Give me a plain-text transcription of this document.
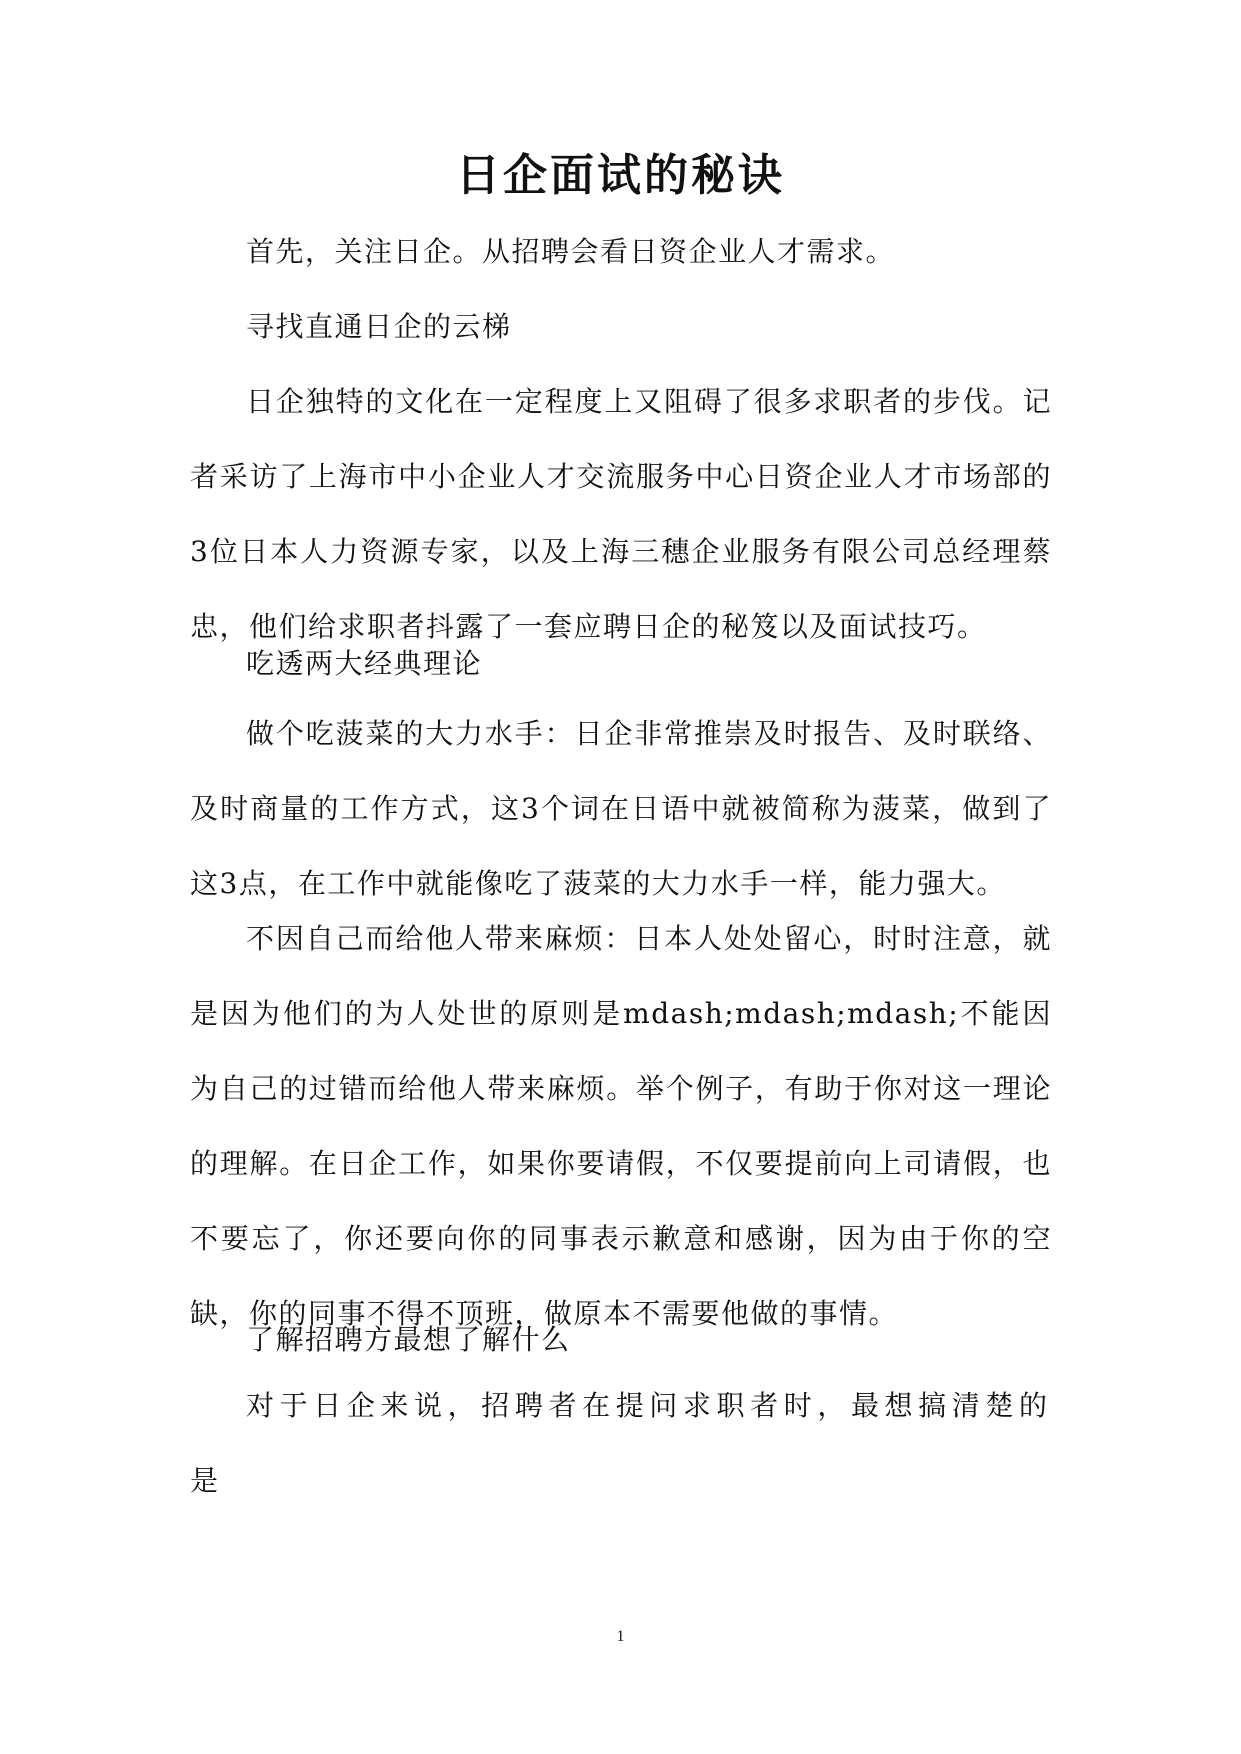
日企面试的秘诀

首先，关注日企。从招聘会看日资企业人才需求。

寻找直通日企的云梯

日企独特的文化在一定程度上又阻碍了很多求职者的步伐。记者采访了上海市中小企业人才交流服务中心日资企业人才市场部的3位日本人力资源专家，以及上海三穗企业服务有限公司总经理蔡忠，他们给求职者抖露了一套应聘日企的秘笈以及面试技巧。

吃透两大经典理论

做个吃菠菜的大力水手：日企非常推崇及时报告、及时联络、及时商量的工作方式，这3个词在日语中就被简称为菠菜，做到了这3点，在工作中就能像吃了菠菜的大力水手一样，能力强大。

不因自己而给他人带来麻烦：日本人处处留心，时时注意，就是因为他们的为人处世的原则是mdash;mdash;mdash;不能因为自己的过错而给他人带来麻烦。举个例子，有助于你对这一理论的理解。在日企工作，如果你要请假，不仅要提前向上司请假，也不要忘了，你还要向你的同事表示歉意和感谢，因为由于你的空缺，你的同事不得不顶班，做原本不需要他做的事情。

了解招聘方最想了解什么

对于日企来说，招聘者在提问求职者时，最想搞清楚的是

1
